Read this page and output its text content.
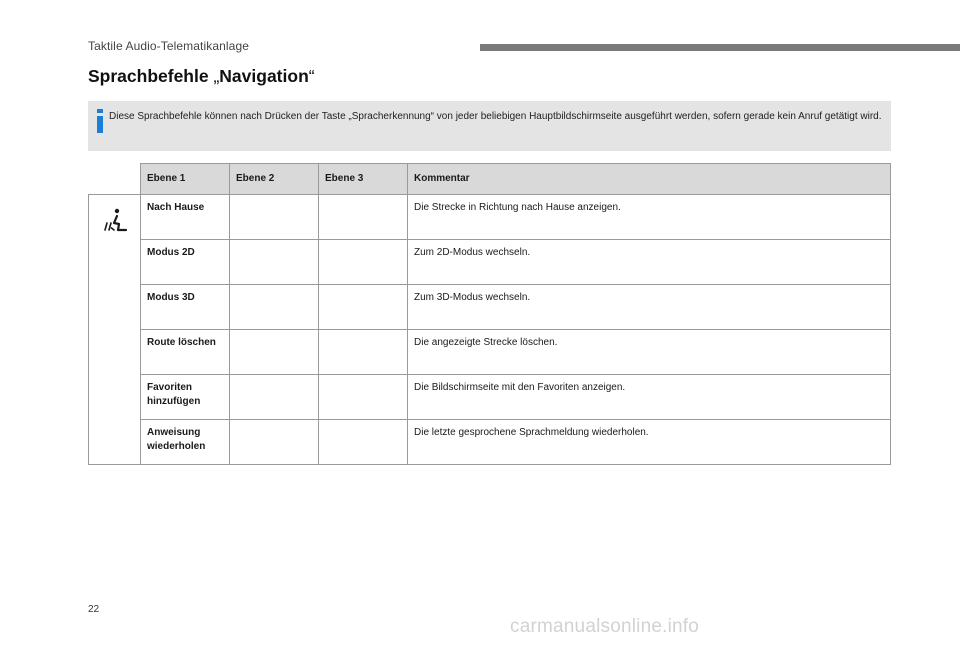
Taktile Audio-Telematikanlage
Sprachbefehle „Navigation“
Diese Sprachbefehle können nach Drücken der Taste „Spracherkennung“ von jeder beliebigen Hauptbildschirmseite ausgeführt werden, sofern gerade kein Anruf getätigt wird.
	Ebene 1	Ebene 2	Ebene 3	Kommentar

	Nach Hause			Die Strecke in Richtung nach Hause anzeigen.
	Modus 2D			Zum 2D-Modus wechseln.
	Modus 3D			Zum 3D-Modus wechseln.
	Route löschen			Die angezeigte Strecke löschen.
	Favoriten hinzufügen			Die Bildschirmseite mit den Favoriten anzeigen.
	Anweisung wiederholen			Die letzte gesprochene Sprachmeldung wiederholen.
22
carmanualsonline.info
